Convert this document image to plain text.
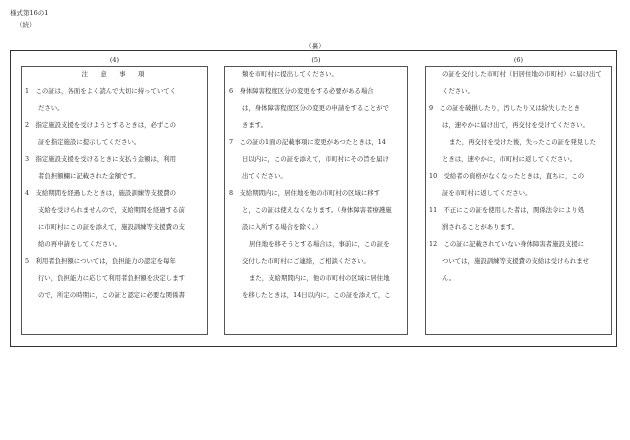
様式第16の1
（続）
（裏）
(4)

注　意　事　項

1　この証は，各面をよく読んで大切に持っていてく

ださい。

2　指定施設支援を受けようとするときは，必ずこの

証を指定施設に提示してください。

3　指定施設支援を受けるときに支払う金額は，利用

者負担額欄に記載された金額です。

4　支給期間を経過したときは，施設訓練等支援費の

支給を受けられませんので，支給期間を経過する前

に市町村にこの証を添えて，施設訓練等支援費の支

給の再申請をしてください。

5　利用者負担額については，負担能力の認定を毎年

行い，負担能力に応じて利用者負担額を決定します

ので，所定の時期に，この証と認定に必要な関係書

(5)

類を市町村に提出してください。

6　身体障害程度区分の変更をする必要がある場合

は，身体障害程度区分の変更の申請をすることがで

きます。

7　この証の1面の記載事項に変更があつたときは，14

日以内に，この証を添えて，市町村にその旨を届け

出てください。

8　支給期間内に，居住地を他の市町村の区域に移す

と，この証は使えなくなります。（身体障害者療護施

設に入所する場合を除く。）

居住地を移そうとする場合は，事前に，この証を

交付した市町村にご連絡，ご相談ください。

また，支給期間内に，他の市町村の区域に居住地

を移したときは，14日以内に，この証を添えて，こ

(6)

の証を交付した市町村（旧居住地の市町村）に届け出て

ください。

9　この証を破損したり，汚したり又は紛失したとき

は，速やかに届け出て，再交付を受けてください。

また，再交付を受けた後，失ったこの証を発見した

ときは，速やかに，市町村に返してください。

10　受給者の資格がなくなったときは，直ちに，この

証を市町村に返してください。

11　不正にこの証を使用した者は，関係法令により処

罰されることがあります。

12　この証に記載されていない身体障害者施設支援に

ついては，施設訓練等支援費の支給は受けられませ

ん。
